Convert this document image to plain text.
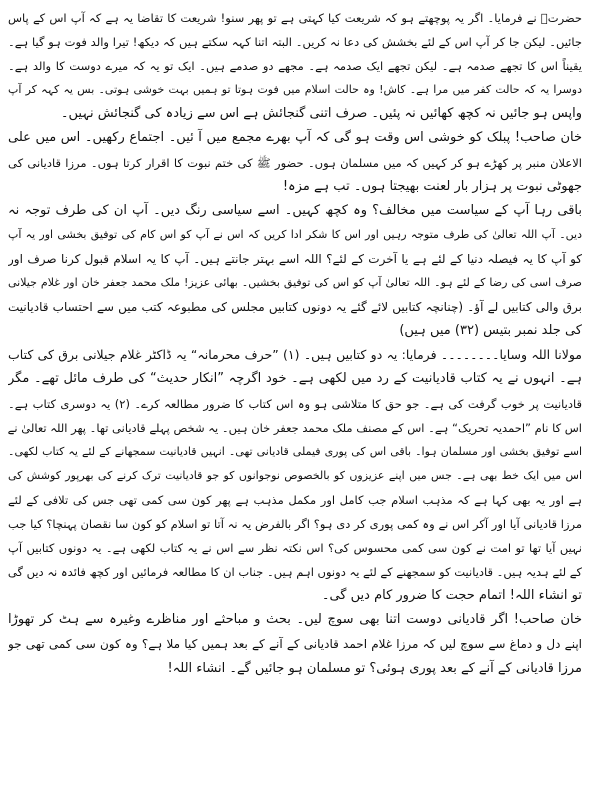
حضرتؒ نے فرمایا۔ اگر یہ پوچھتے ہو کہ شریعت کیا کہتی ہے تو پھر سنو! شریعت کا تقاضا یہ ہے کہ آپ اس کے پاس
جائیں۔ لیکن جا کر آپ اس کے لئے بخشش کی دعا نہ کریں۔ البتہ اتنا کہہ سکتے ہیں کہ دیکھ! تیرا والد فوت ہو گیا ہے۔
یقیناً اس کا تجھے صدمہ ہے۔ لیکن تجھے ایک صدمہ ہے۔ مجھے دو صدمے ہیں۔ ایک تو یہ کہ میرے دوست کا والد ہے۔
دوسرا یہ کہ حالت کفر میں مرا ہے۔ کاش! وہ حالت اسلام میں فوت ہوتا تو ہمیں بہت خوشی ہوتی۔ بس یہ کہہ کر آپ
واپس ہو جائیں نہ کچھ کھائیں نہ پئیں۔ صرف اتنی گنجائش ہے اس سے زیادہ کی گنجائش نہیں۔
خان صاحب! پبلک کو خوشی اس وقت ہو گی کہ آپ بھرے مجمع میں آ ئیں۔ اجتماع رکھیں۔ اس میں علی
الاعلان منبر پر کھڑے ہو کر کہیں کہ میں مسلمان ہوں۔ حضور ﷺ کی ختم نبوت کا اقرار کرتا ہوں۔ مرزا قادیانی کی
جھوٹی نبوت پر ہزار بار لعنت بھیجتا ہوں۔ تب ہے مزہ!
باقی رہا آپ کے سیاست میں مخالف؟ وہ کچھ کہیں۔ اسے سیاسی رنگ دیں۔ آپ ان کی طرف توجہ نہ
دیں۔ آپ اللہ تعالیٰ کی طرف متوجہ رہیں اور اس کا شکر ادا کریں کہ اس نے آپ کو اس کام کی توفیق بخشی اور یہ آپ
کو آپ کا یہ فیصلہ دنیا کے لئے ہے یا آخرت کے لئے؟ اللہ اسے بہتر جانتے ہیں۔ آپ کا یہ اسلام قبول کرنا صرف اور
صرف اسی کی رضا کے لئے ہو۔ اللہ تعالیٰ آپ کو اس کی توفیق بخشیں۔ بھائی عزیز! ملک محمد جعفر خان اور غلام جیلانی
برق والی کتابیں لے آؤ۔ (چنانچہ کتابیں لائے گئے یہ دونوں کتابیں مجلس کی مطبوعہ کتب میں سے احتساب قادیانیت
کی جلد نمبر بتیس (۳۲) میں ہیں)
مولانا اللہ وسایا۔۔۔۔۔۔۔۔ فرمایا: یہ دو کتابیں ہیں۔ (۱) ”حرف محرمانہ“ یہ ڈاکٹر غلام جیلانی برق کی کتاب
ہے۔ انہوں نے یہ کتاب قادیانیت کے رد میں لکھی ہے۔ خود اگرچہ ”انکار حدیث“ کی طرف مائل تھے۔ مگر
قادیانیت پر خوب گرفت کی ہے۔ جو حق کا متلاشی ہو وہ اس کتاب کا ضرور مطالعہ کرے۔ (۲) یہ دوسری کتاب ہے۔
اس کا نام ”احمدیہ تحریک“ ہے۔ اس کے مصنف ملک محمد جعفر خان ہیں۔ یہ شخص پہلے قادیانی تھا۔ پھر اللہ تعالیٰ نے
اسے توفیق بخشی اور مسلمان ہوا۔ باقی اس کی پوری فیملی قادیانی تھی۔ انہیں قادیانیت سمجھانے کے لئے یہ کتاب لکھی۔
اس میں ایک خط بھی ہے۔ جس میں اپنے عزیزوں کو بالخصوص نوجوانوں کو جو قادیانیت ترک کرنے کی بھرپور کوشش کی
ہے اور یہ بھی کہا ہے کہ مذہب اسلام جب کامل اور مکمل مذہب ہے پھر کون سی کمی تھی جس کی تلافی کے لئے
مرزا قادیانی آیا اور آکر اس نے وہ کمی پوری کر دی ہو؟ اگر بالفرض یہ نہ آتا تو اسلام کو کون سا نقصان پہنچا؟ کیا جب
نہیں آیا تھا تو امت نے کون سی کمی محسوس کی؟ اس نکتہ نظر سے اس نے یہ کتاب لکھی ہے۔ یہ دونوں کتابیں آپ
کے لئے ہدیہ ہیں۔ قادیانیت کو سمجھنے کے لئے یہ دونوں اہم ہیں۔ جناب ان کا مطالعہ فرمائیں اور کچھ فائدہ نہ دیں گی
تو انشاء اللہ! اتمام حجت کا ضرور کام دیں گی۔
خان صاحب! اگر قادیانی دوست اتنا بھی سوچ لیں۔ بحث و مباحثے اور مناظرے وغیرہ سے ہٹ کر تھوڑا
اپنے دل و دماغ سے سوچ لیں کہ مرزا غلام احمد قادیانی کے آنے کے بعد ہمیں کیا ملا ہے؟ وہ کون سی کمی تھی جو
مرزا قادیانی کے آنے کے بعد پوری ہوئی؟ تو مسلمان ہو جائیں گے۔ انشاء اللہ!
